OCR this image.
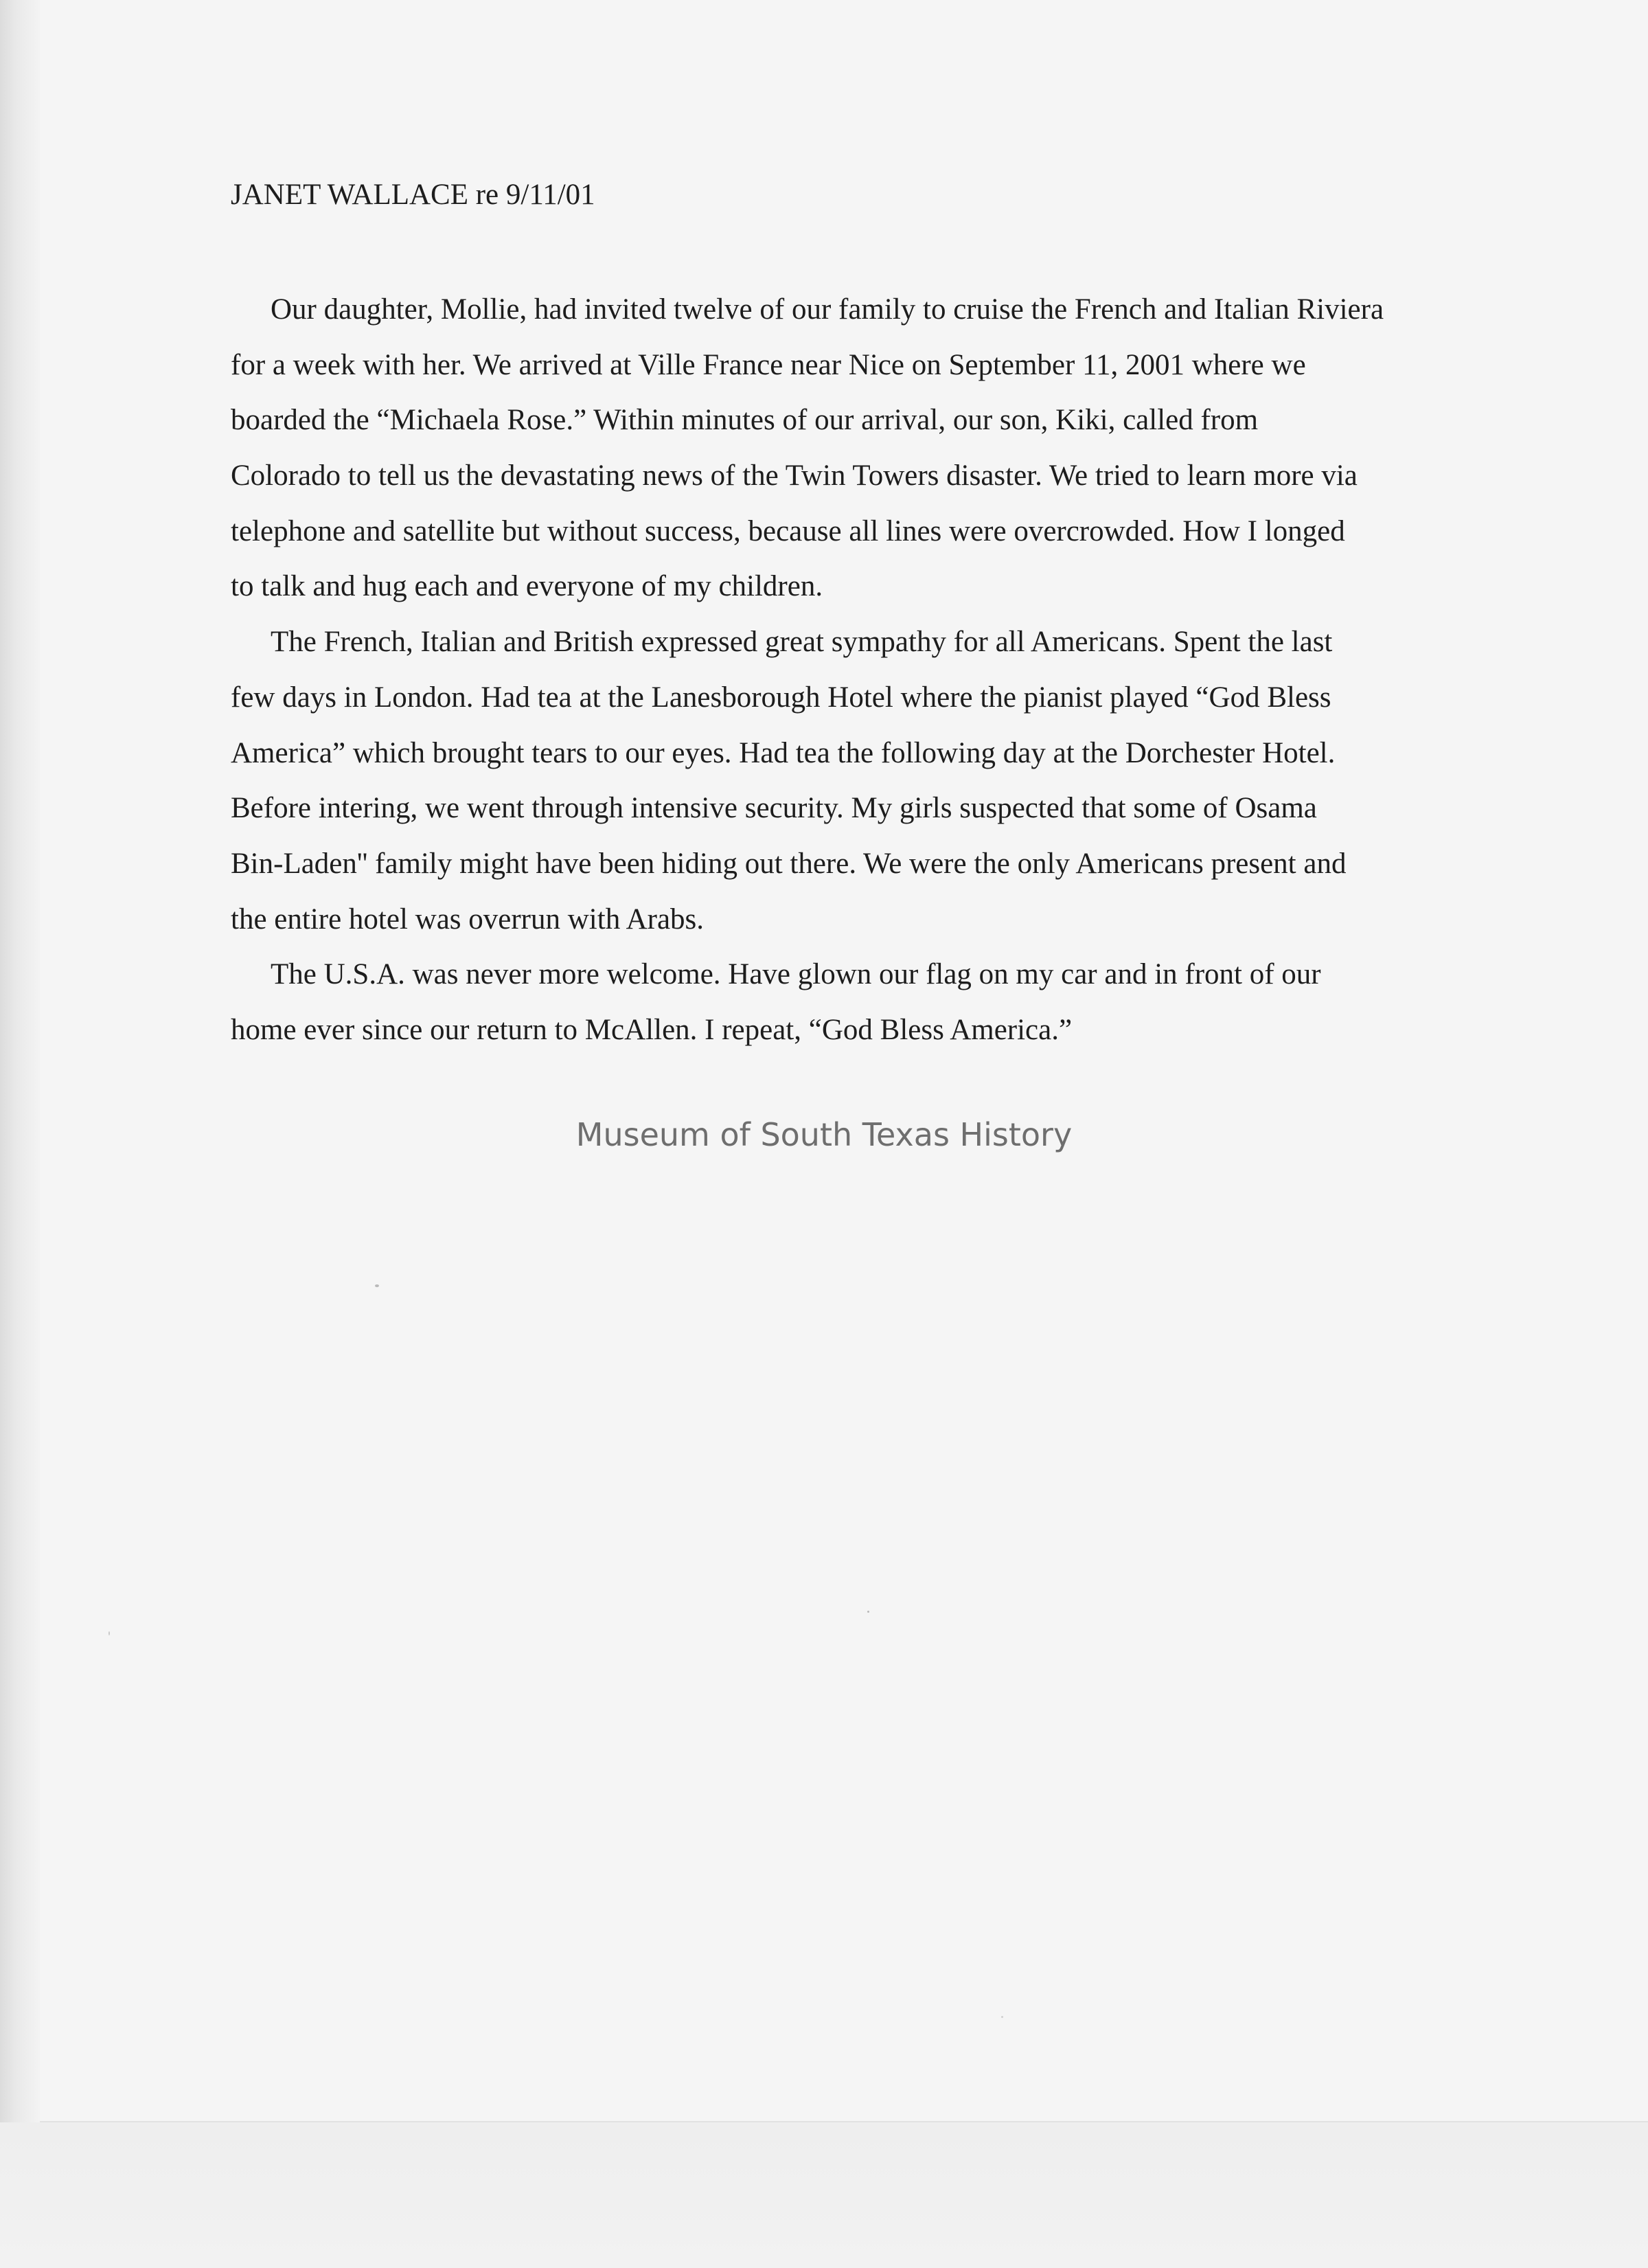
JANET WALLACE re 9/11/01
Our daughter, Mollie, had invited twelve of our family to cruise the French and Italian Riviera
for a week with her. We arrived at Ville France near Nice on September 11, 2001 where we
boarded the “Michaela Rose.” Within minutes of our arrival, our son, Kiki, called from
Colorado to tell us the devastating news of the Twin Towers disaster. We tried to learn more via
telephone and satellite but without success, because all lines were overcrowded. How I longed
to talk and hug each and everyone of my children.
The French, Italian and British expressed great sympathy for all Americans. Spent the last
few days in London. Had tea at the Lanesborough Hotel where the pianist played “God Bless
America” which brought tears to our eyes. Had tea the following day at the Dorchester Hotel.
Before intering, we went through intensive security. My girls suspected that some of Osama
Bin-Laden'' family might have been hiding out there. We were the only Americans present and
the entire hotel was overrun with Arabs.
The U.S.A. was never more welcome. Have glown our flag on my car and in front of our
home ever since our return to McAllen. I repeat, “God Bless America.”
Museum of South Texas History
